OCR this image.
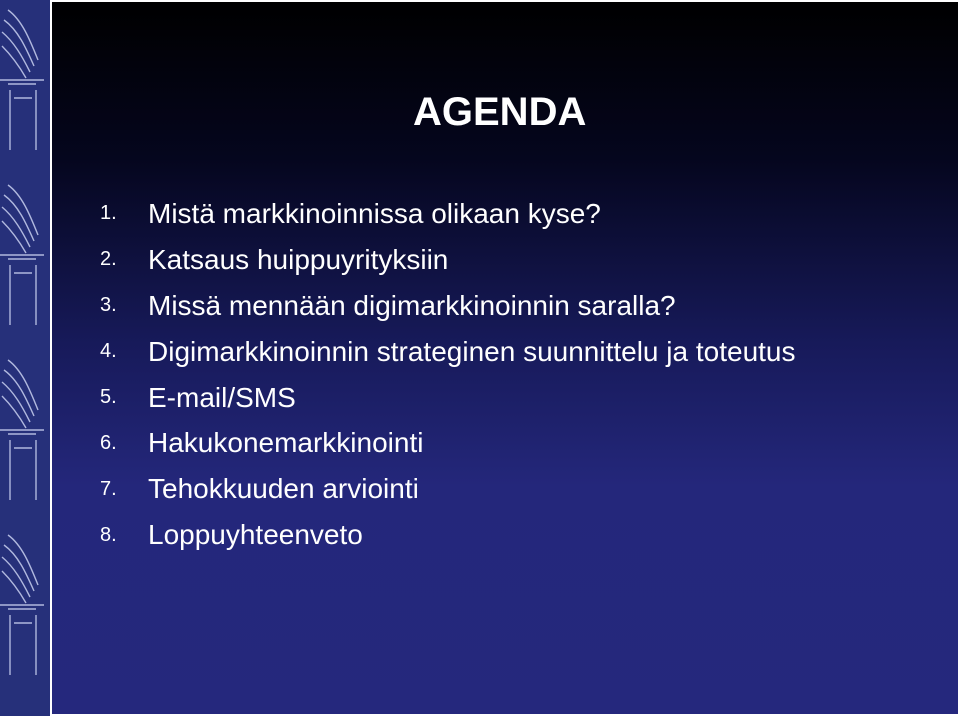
AGENDA
1.	Mistä markkinoinnissa olikaan kyse?
2.	Katsaus huippuyrityksiin
3.	Missä mennään digimarkkinoinnin saralla?
4.	Digimarkkinoinnin strateginen suunnittelu ja toteutus
5.	E-mail/SMS
6.	Hakukonemarkkinointi
7.	Tehokkuuden arviointi
8.	Loppuyhteenveto
